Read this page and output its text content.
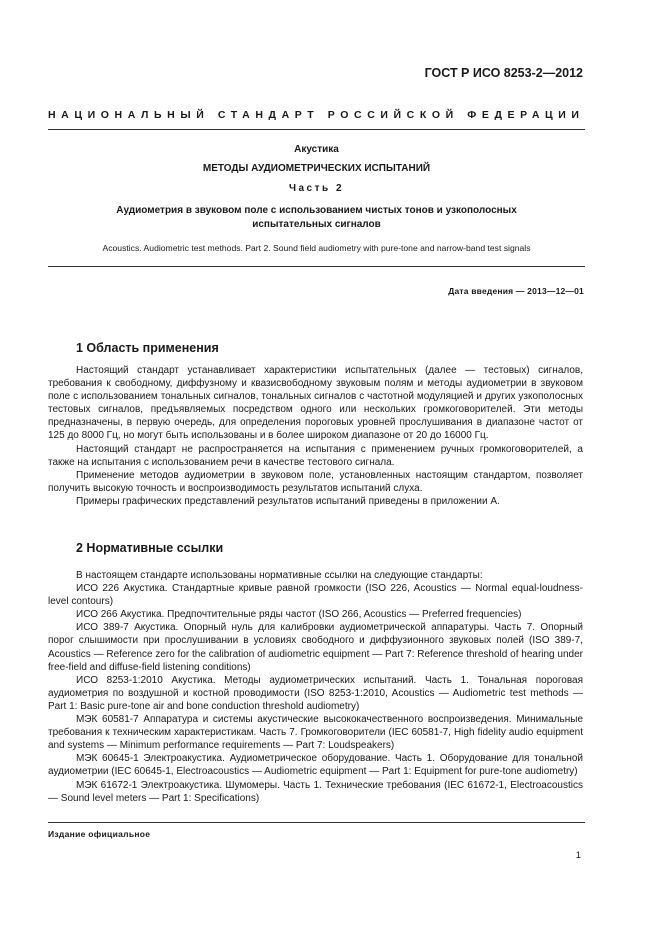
ГОСТ Р ИСО 8253-2—2012
НАЦИОНАЛЬНЫЙ СТАНДАРТ РОССИЙСКОЙ ФЕДЕРАЦИИ
Акустика
МЕТОДЫ АУДИОМЕТРИЧЕСКИХ ИСПЫТАНИЙ
Часть 2
Аудиометрия в звуковом поле с использованием чистых тонов и узкополосных
испытательных сигналов
Acoustics. Audiometric test methods. Part 2. Sound field audiometry with pure-tone and narrow-band test signals
Дата введения — 2013—12—01
1 Область применения

Настоящий стандарт устанавливает характеристики испытательных (далее — тестовых) сигналов, требования к свободному, диффузному и квазисвободному звуковым полям и методы аудиометрии в звуковом поле с использованием тональных сигналов, тональных сигналов с частотной модуляцией и других узкополосных тестовых сигналов, предъявляемых посредством одного или нескольких громкоговорителей. Эти методы предназначены, в первую очередь, для определения пороговых уровней прослушивания в диапазоне частот от 125 до 8000 Гц, но могут быть использованы и в более широком диапазоне от 20 до 16000 Гц.

Настоящий стандарт не распространяется на испытания с применением ручных громкоговорителей, а также на испытания с использованием речи в качестве тестового сигнала.

Применение методов аудиометрии в звуковом поле, установленных настоящим стандартом, позволяет получить высокую точность и воспроизводимость результатов испытаний слуха.

Примеры графических представлений результатов испытаний приведены в приложении А.

2 Нормативные ссылки

В настоящем стандарте использованы нормативные ссылки на следующие стандарты:

ИСО 226 Акустика. Стандартные кривые равной громкости (ISO 226, Acoustics — Normal equal-loudness-level contours)

ИСО 266 Акустика. Предпочтительные ряды частот (ISO 266, Acoustics — Preferred frequencies)

ИСО 389-7 Акустика. Опорный нуль для калибровки аудиометрической аппаратуры. Часть 7. Опорный порог слышимости при прослушивании в условиях свободного и диффузионного звуковых полей (ISO 389-7, Acoustics — Reference zero for the calibration of audiometric equipment — Part 7: Reference threshold of hearing under free-field and diffuse-field listening conditions)

ИСО 8253-1:2010 Акустика. Методы аудиометрических испытаний. Часть 1. Тональная пороговая аудиометрия по воздушной и костной проводимости (ISO 8253-1:2010, Acoustics — Audiometric test methods — Part 1: Basic pure-tone air and bone conduction threshold audiometry)

МЭК 60581-7 Аппаратура и системы акустические высококачественного воспроизведения. Минимальные требования к техническим характеристикам. Часть 7. Громкоговорители (IEC 60581-7, High fidelity audio equipment and systems — Minimum performance requirements — Part 7: Loudspeakers)

МЭК 60645-1 Электроакустика. Аудиометрическое оборудование. Часть 1. Оборудование для тональной аудиометрии (IEC 60645-1, Electroacoustics — Audiometric equipment — Part 1: Equipment for pure-tone audiometry)

МЭК 61672-1 Электроакустика. Шумомеры. Часть 1. Технические требования (IEC 61672-1, Electroacoustics — Sound level meters — Part 1: Specifications)

Издание официальное
1
